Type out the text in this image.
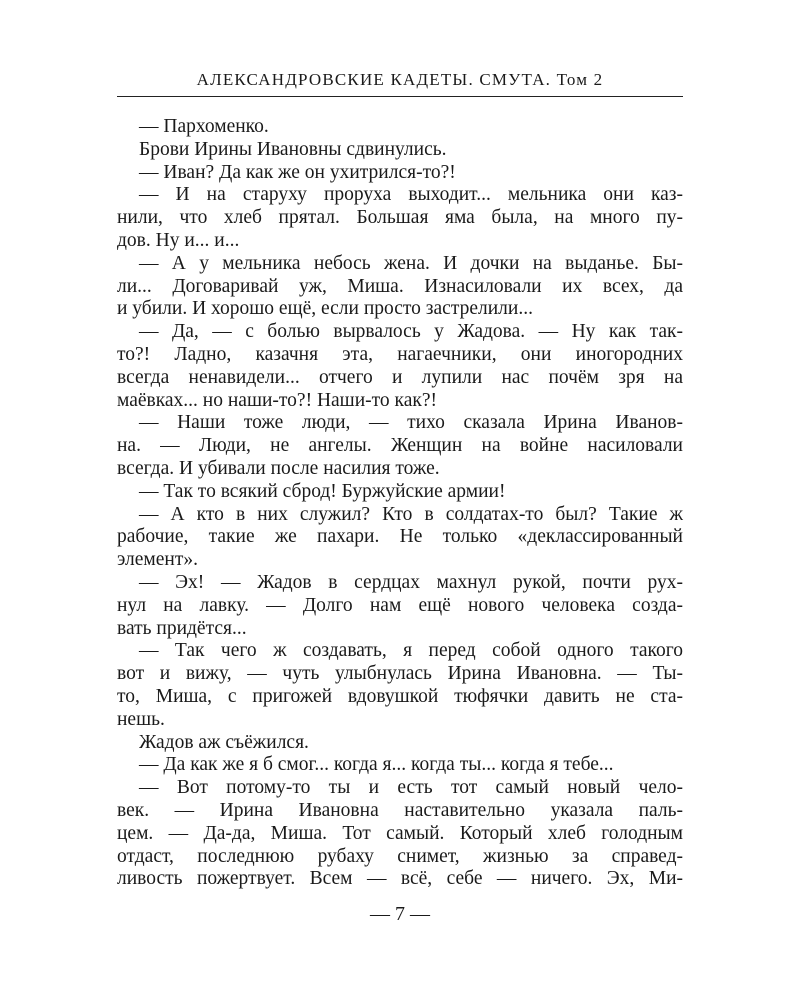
АЛЕКСАНДРОВСКИЕ КАДЕТЫ. СМУТА. Том 2
— Пархоменко.
Брови Ирины Ивановны сдвинулись.
— Иван? Да как же он ухитрился-то?!
— И на старуху проруха выходит... мельника они каз-
нили, что хлеб прятал. Большая яма была, на много пу-
дов. Ну и... и...
— А у мельника небось жена. И дочки на выданье. Бы-
ли... Договаривай уж, Миша. Изнасиловали их всех, да
и убили. И хорошо ещё, если просто застрелили...
— Да, — с болью вырвалось у Жадова. — Ну как так-
то?! Ладно, казачня эта, нагаечники, они иногородних
всегда ненавидели... отчего и лупили нас почём зря на
маёвках... но наши-то?! Наши-то как?!
— Наши тоже люди, — тихо сказала Ирина Иванов-
на. — Люди, не ангелы. Женщин на войне насиловали
всегда. И убивали после насилия тоже.
— Так то всякий сброд! Буржуйские армии!
— А кто в них служил? Кто в солдатах-то был? Такие ж
рабочие, такие же пахари. Не только «деклассированный
элемент».
— Эх! — Жадов в сердцах махнул рукой, почти рух-
нул на лавку. — Долго нам ещё нового человека созда-
вать придётся...
— Так чего ж создавать, я перед собой одного такого
вот и вижу, — чуть улыбнулась Ирина Ивановна. — Ты-
то, Миша, с пригожей вдовушкой тюфячки давить не ста-
нешь.
Жадов аж съёжился.
— Да как же я б смог... когда я... когда ты... когда я тебе...
— Вот потому-то ты и есть тот самый новый чело-
век. — Ирина Ивановна наставительно указала паль-
цем. — Да-да, Миша. Тот самый. Который хлеб голодным
отдаст, последнюю рубаху снимет, жизнью за справед-
ливость пожертвует. Всем — всё, себе — ничего. Эх, Ми-
— 7 —
